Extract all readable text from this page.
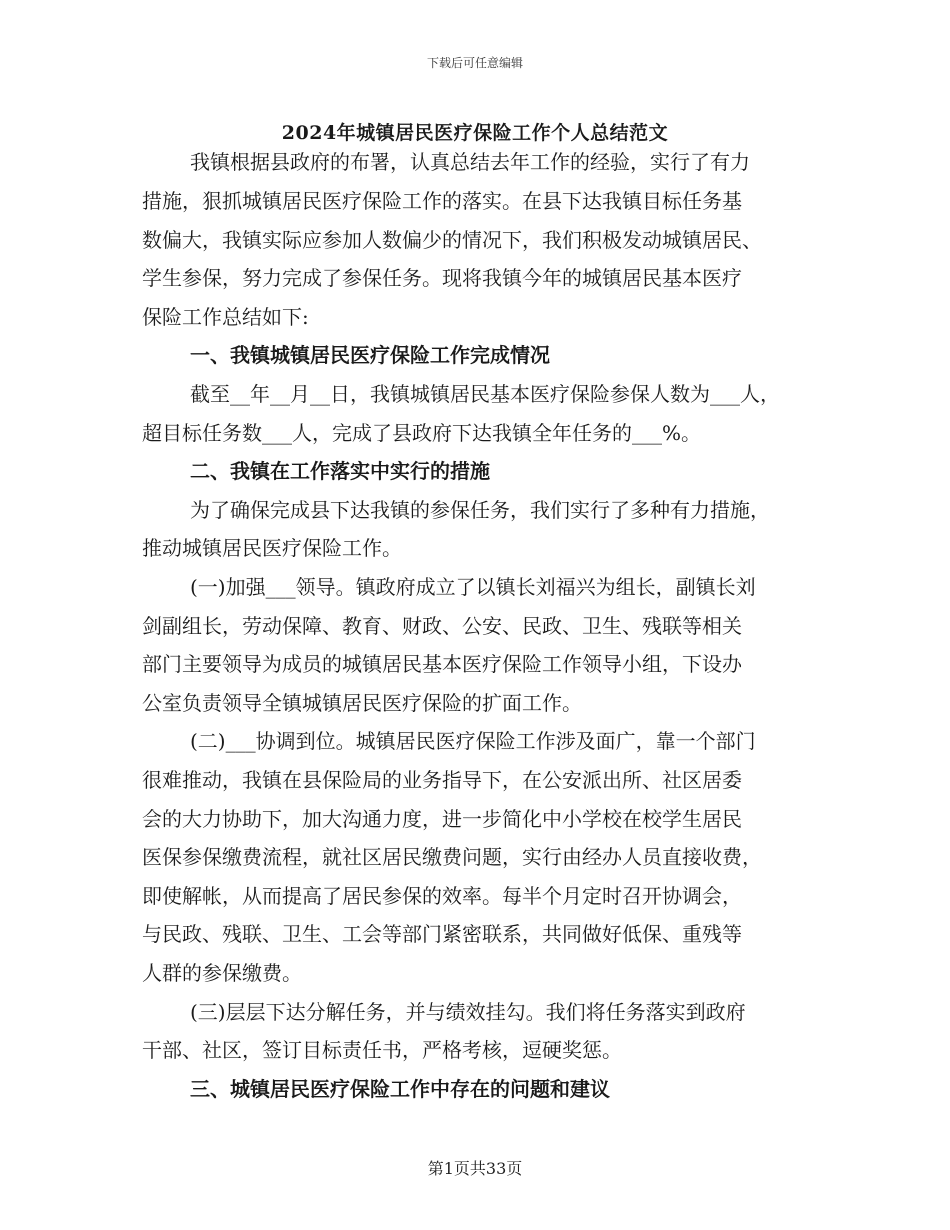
下载后可任意编辑
2024年城镇居民医疗保险工作个人总结范文
我镇根据县政府的布署，认真总结去年工作的经验，实行了有力
措施，狠抓城镇居民医疗保险工作的落实。在县下达我镇目标任务基
数偏大，我镇实际应参加人数偏少的情况下，我们积极发动城镇居民、
学生参保，努力完成了参保任务。现将我镇今年的城镇居民基本医疗
保险工作总结如下:
一、我镇城镇居民医疗保险工作完成情况
截至__年__月__日，我镇城镇居民基本医疗保险参保人数为___人，
超目标任务数___人，完成了县政府下达我镇全年任务的___%。
二、我镇在工作落实中实行的措施
为了确保完成县下达我镇的参保任务，我们实行了多种有力措施，
推动城镇居民医疗保险工作。
(一)加强___领导。镇政府成立了以镇长刘福兴为组长，副镇长刘
剑副组长，劳动保障、教育、财政、公安、民政、卫生、残联等相关
部门主要领导为成员的城镇居民基本医疗保险工作领导小组，下设办
公室负责领导全镇城镇居民医疗保险的扩面工作。
(二)___协调到位。城镇居民医疗保险工作涉及面广，靠一个部门
很难推动，我镇在县保险局的业务指导下，在公安派出所、社区居委
会的大力协助下，加大沟通力度，进一步简化中小学校在校学生居民
医保参保缴费流程，就社区居民缴费问题，实行由经办人员直接收费，
即使解帐，从而提高了居民参保的效率。每半个月定时召开协调会，
与民政、残联、卫生、工会等部门紧密联系，共同做好低保、重残等
人群的参保缴费。
(三)层层下达分解任务，并与绩效挂勾。我们将任务落实到政府
干部、社区，签订目标责任书，严格考核，逗硬奖惩。
三、城镇居民医疗保险工作中存在的问题和建议
第1页共33页
